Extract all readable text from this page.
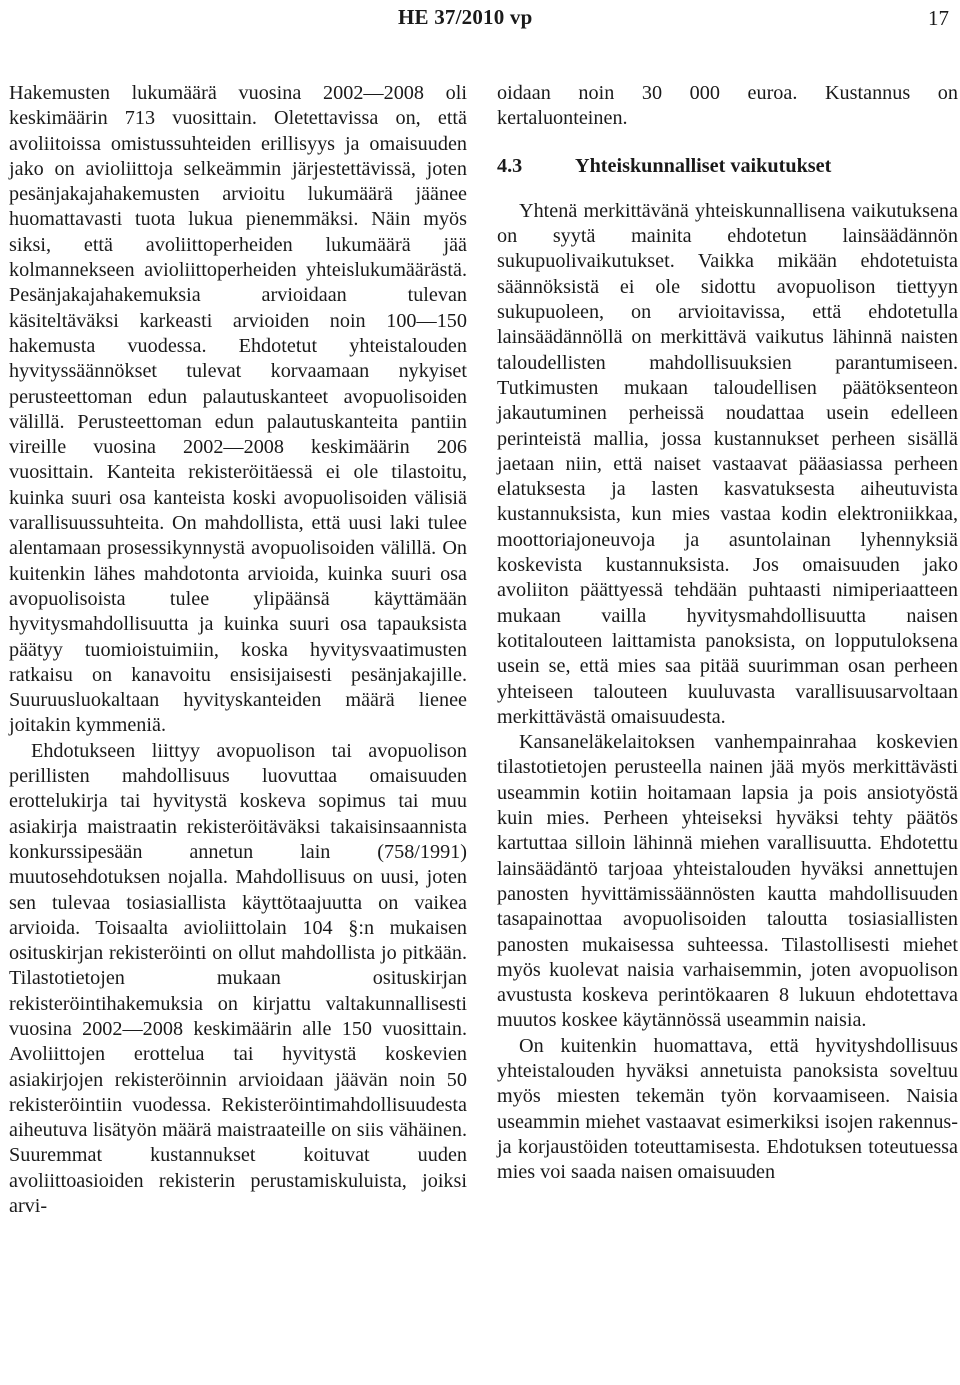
HE 37/2010 vp	17

Hakemusten lukumäärä vuosina 2002—2008 oli keskimäärin 713 vuosittain. Oletettavissa on, että avoliitoissa omistussuhteiden erillisyys ja omaisuuden jako on avioliittoja selkeämmin järjestettävissä, joten pesänjakajahakemusten arvioitu lukumäärä jäänee huomattavasti tuota lukua pienemmäksi. Näin myös siksi, että avoliittoperheiden lukumäärä jää kolmannekseen avioliittoperheiden yhteislukumäärästä. Pesänjakajahakemuksia arvioidaan tulevan käsiteltäväksi karkeasti arvioiden noin 100—150 hakemusta vuodessa. Ehdotetut yhteistalouden hyvityssäännökset tulevat korvaamaan nykyiset perusteettoman edun palautuskanteet avopuolisoiden välillä. Perusteettoman edun palautuskanteita pantiin vireille vuosina 2002—2008 keskimäärin 206 vuosittain. Kanteita rekisteröitäessä ei ole tilastoitu, kuinka suuri osa kanteista koski avopuolisoiden välisiä varallisuussuhteita. On mahdollista, että uusi laki tulee alentamaan prosessikynnystä avopuolisoiden välillä. On kuitenkin lähes mahdotonta arvioida, kuinka suuri osa avopuolisoista tulee ylipäänsä käyttämään hyvitysmahdollisuutta ja kuinka suuri osa tapauksista päätyy tuomioistuimiin, koska hyvitysvaatimusten ratkaisu on kanavoitu ensisijaisesti pesänjakajille. Suuruusluokaltaan hyvityskanteiden määrä lienee joitakin kymmeniä.

Ehdotukseen liittyy avopuolison tai avopuolison perillisten mahdollisuus luovuttaa omaisuuden erottelukirja tai hyvitystä koskeva sopimus tai muu asiakirja maistraatin rekisteröitäväksi takaisinsaannista konkurssipesään annetun lain (758/1991) muutosehdotuksen nojalla. Mahdollisuus on uusi, joten sen tulevaa tosiasiallista käyttötaajuutta on vaikea arvioida. Toisaalta avioliittolain 104 §:n mukaisen osituskirjan rekisteröinti on ollut mahdollista jo pitkään. Tilastotietojen mukaan osituskirjan rekisteröintihakemuksia on kirjattu valtakunnallisesti vuosina 2002—2008 keskimäärin alle 150 vuosittain. Avoliittojen erottelua tai hyvitystä koskevien asiakirjojen rekisteröinnin arvioidaan jäävän noin 50 rekisteröintiin vuodessa. Rekisteröintimahdollisuudesta aiheutuva lisätyön määrä maistraateille on siis vähäinen. Suuremmat kustannukset koituvat uuden avoliittoasioiden rekisterin perustamiskuluista, joiksi arvi-

oidaan noin 30 000 euroa. Kustannus on kertaluonteinen.

4.3	Yhteiskunnalliset vaikutukset

Yhtenä merkittävänä yhteiskunnallisena vaikutuksena on syytä mainita ehdotetun lainsäädännön sukupuolivaikutukset. Vaikka mikään ehdotetuista säännöksistä ei ole sidottu avopuolison tiettyyn sukupuoleen, on arvioitavissa, että ehdotetulla lainsäädännöllä on merkittävä vaikutus lähinnä naisten taloudellisten mahdollisuuksien parantumiseen. Tutkimusten mukaan taloudellisen päätöksenteon jakautuminen perheissä noudattaa usein edelleen perinteistä mallia, jossa kustannukset perheen sisällä jaetaan niin, että naiset vastaavat pääasiassa perheen elatuksesta ja lasten kasvatuksesta aiheutuvista kustannuksista, kun mies vastaa kodin elektroniikkaa, moottoriajoneuvoja ja asuntolainan lyhennyksiä koskevista kustannuksista. Jos omaisuuden jako avoliiton päättyessä tehdään puhtaasti nimiperiaatteen mukaan vailla hyvitysmahdollisuutta naisen kotitalouteen laittamista panoksista, on lopputuloksena usein se, että mies saa pitää suurimman osan perheen yhteiseen talouteen kuuluvasta varallisuusarvoltaan merkittävästä omaisuudesta.

Kansaneläkelaitoksen vanhempainrahaa koskevien tilastotietojen perusteella nainen jää myös merkittävästi useammin kotiin hoitamaan lapsia ja pois ansiotyöstä kuin mies. Perheen yhteiseksi hyväksi tehty päätös kartuttaa silloin lähinnä miehen varallisuutta. Ehdotettu lainsäädäntö tarjoaa yhteistalouden hyväksi annettujen panosten hyvittämissäännösten kautta mahdollisuuden tasapainottaa avopuolisoiden taloutta tosiasiallisten panosten mukaisessa suhteessa. Tilastollisesti miehet myös kuolevat naisia varhaisemmin, joten avopuolison avustusta koskeva perintökaaren 8 lukuun ehdotettava muutos koskee käytännössä useammin naisia.

On kuitenkin huomattava, että hyvityshdollisuus yhteistalouden hyväksi annetuista panoksista soveltuu myös miesten tekemän työn korvaamiseen. Naisia useammin miehet vastaavat esimerkiksi isojen rakennus- ja korjaustöiden toteuttamisesta. Ehdotuksen toteutuessa mies voi saada naisen omaisuuden
